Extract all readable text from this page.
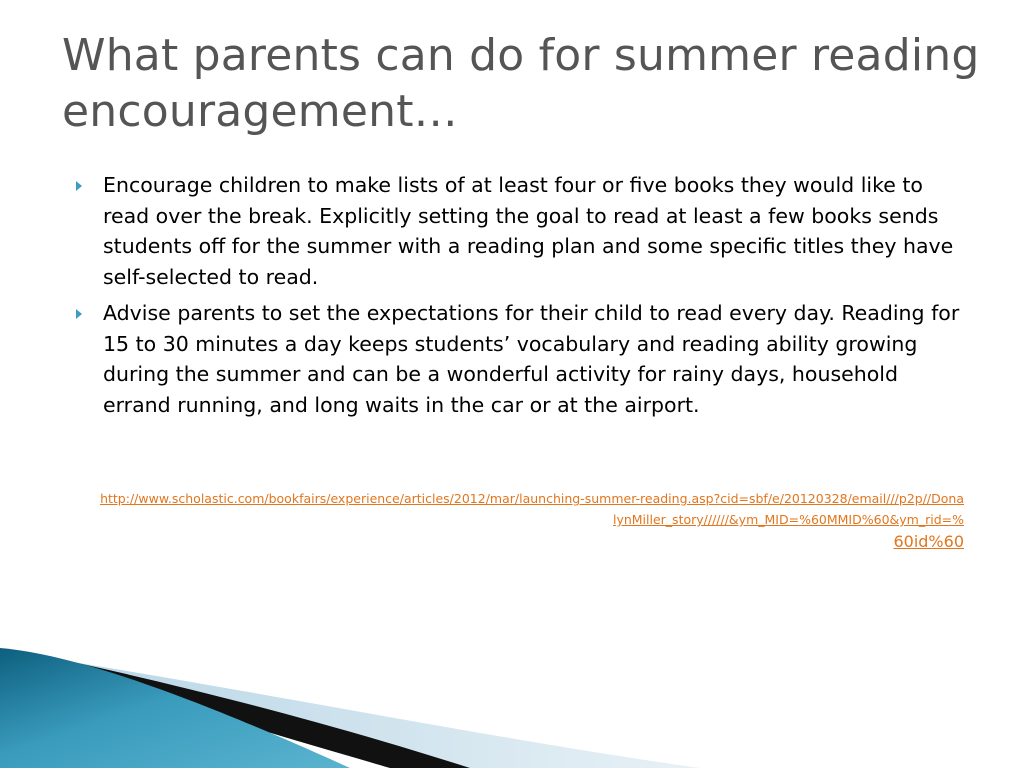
What parents can do for summer reading encouragement…
Encourage children to make lists of at least four or five books they would like to read over the break. Explicitly setting the goal to read at least a few books sends students off for the summer with a reading plan and some specific titles they have self-selected to read.
Advise parents to set the expectations for their child to read every day. Reading for 15 to 30 minutes a day keeps students’ vocabulary and reading ability growing during the summer and can be a wonderful activity for rainy days, household errand running, and long waits in the car or at the airport.
http://www.scholastic.com/bookfairs/experience/articles/2012/mar/launching-summer-reading.asp?cid=sbf/e/20120328/email///p2p//DonalynMiller_story//////&ym_MID=%60MMID%60&ym_rid=%
60id%60
